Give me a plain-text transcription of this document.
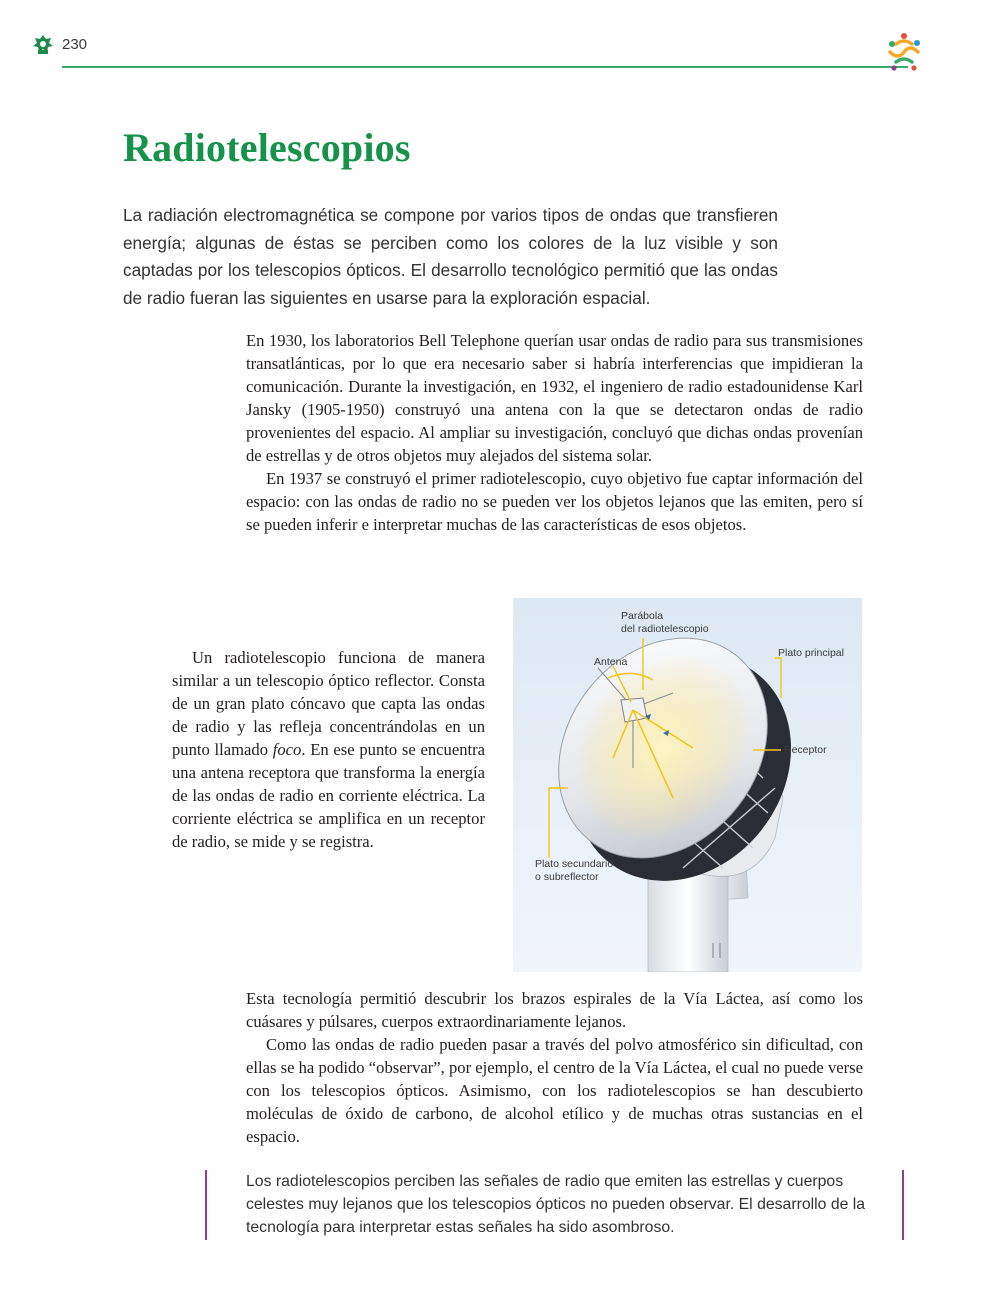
230
Radiotelescopios

La radiación electromagnética se compone por varios tipos de ondas que transfieren energía; algunas de éstas se perciben como los colores de la luz visible y son captadas por los telescopios ópticos. El desarrollo tecnológico permitió que las ondas de radio fueran las siguientes en usarse para la exploración espacial.

En 1930, los laboratorios Bell Telephone querían usar ondas de radio para sus transmisiones transatlánticas, por lo que era necesario saber si habría interferencias que impidieran la comunicación. Durante la investigación, en 1932, el ingeniero de radio estadounidense Karl Jansky (1905-1950) construyó una antena con la que se detectaron ondas de radio provenientes del espacio. Al ampliar su investigación, concluyó que dichas ondas provenían de estrellas y de otros objetos muy alejados del sistema solar.

En 1937 se construyó el primer radiotelescopio, cuyo objetivo fue captar información del espacio: con las ondas de radio no se pueden ver los objetos lejanos que las emiten, pero sí se pueden inferir e interpretar muchas de las características de esos objetos.

Un radiotelescopio funciona de manera similar a un telescopio óptico reflector. Consta de un gran plato cóncavo que capta las ondas de radio y las refleja concentrándolas en un punto llamado foco. En ese punto se encuentra una antena receptora que transforma la energía de las ondas de radio en corriente eléctrica. La corriente eléctrica se amplifica en un receptor de radio, se mide y se registra.

Parábola
del radiotelescopio
Antena
Plato principal
Receptor
Plato secundario
o subreflector

Esta tecnología permitió descubrir los brazos espirales de la Vía Láctea, así como los cuásares y púlsares, cuerpos extraordinariamente lejanos.

Como las ondas de radio pueden pasar a través del polvo atmosférico sin dificultad, con ellas se ha podido “observar”, por ejemplo, el centro de la Vía Láctea, el cual no puede verse con los telescopios ópticos. Asimismo, con los radiotelescopios se han descubierto moléculas de óxido de carbono, de alcohol etílico y de muchas otras sustancias en el espacio.

Los radiotelescopios perciben las señales de radio que emiten las estrellas y cuerpos celestes muy lejanos que los telescopios ópticos no pueden observar. El desarrollo de la tecnología para interpretar estas señales ha sido asombroso.
